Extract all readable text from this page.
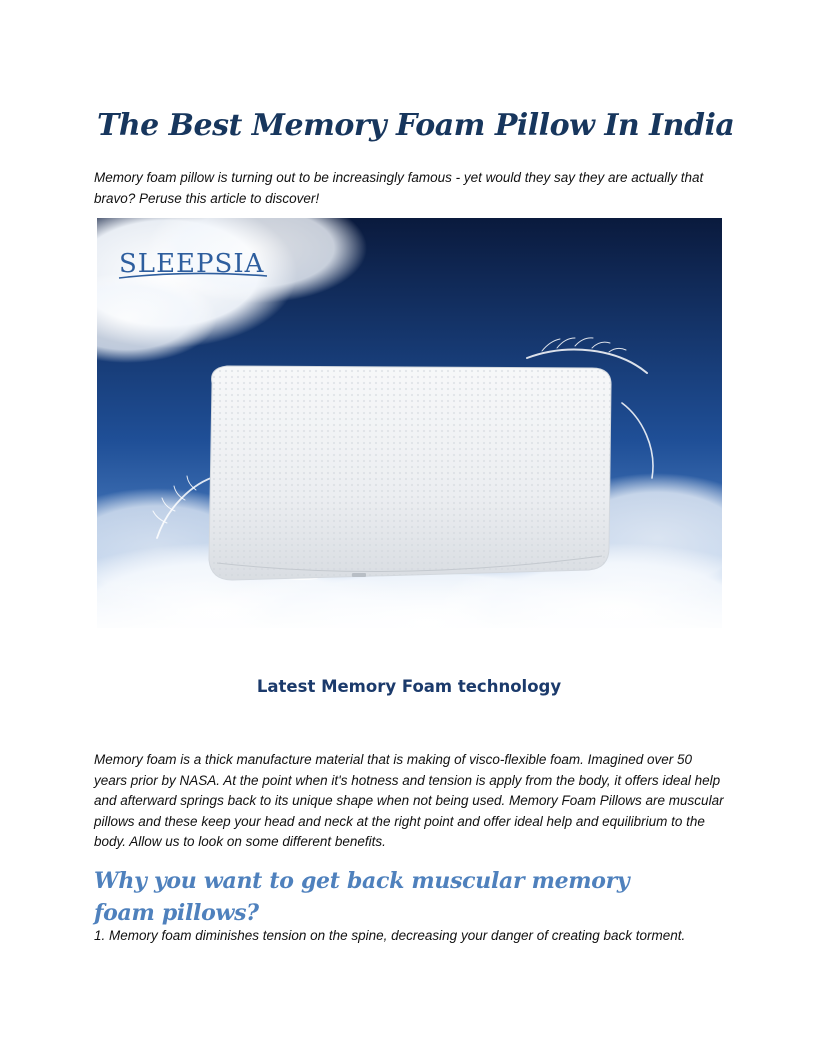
The Best Memory Foam Pillow In India

Memory foam pillow is turning out to be increasingly famous - yet would they say they are actually that bravo? Peruse this article to discover!

SLEEPSIA
Latest Memory Foam technology

Memory foam is a thick manufacture material that is making of visco-flexible foam. Imagined over 50 years prior by NASA. At the point when it's hotness and tension is apply from the body, it offers ideal help and afterward springs back to its unique shape when not being used. Memory Foam Pillows are muscular pillows and these keep your head and neck at the right point and offer ideal help and equilibrium to the body. Allow us to look on some different benefits.

Why you want to get back muscular memory foam pillows?

1. Memory foam diminishes tension on the spine, decreasing your danger of creating back torment.
